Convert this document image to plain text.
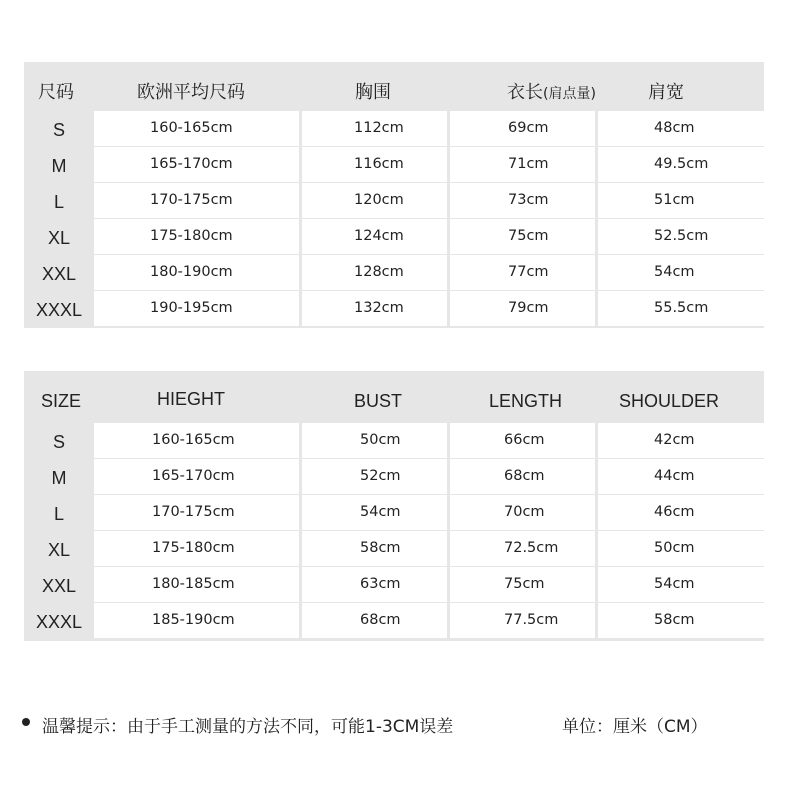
尺码	欧洲平均尺码	胸围	衣长(肩点量)	肩宽
S	160-165cm	112cm	69cm	48cm
M	165-170cm	116cm	71cm	49.5cm
L	170-175cm	120cm	73cm	51cm
XL	175-180cm	124cm	75cm	52.5cm
XXL	180-190cm	128cm	77cm	54cm
XXXL	190-195cm	132cm	79cm	55.5cm
SIZE	HIEGHT	BUST	LENGTH	SHOULDER
S	160-165cm	50cm	66cm	42cm
M	165-170cm	52cm	68cm	44cm
L	170-175cm	54cm	70cm	46cm
XL	175-180cm	58cm	72.5cm	50cm
XXL	180-185cm	63cm	75cm	54cm
XXXL	185-190cm	68cm	77.5cm	58cm
温馨提示：由于手工测量的方法不同，可能1-3CM误差	单位：厘米（CM）
